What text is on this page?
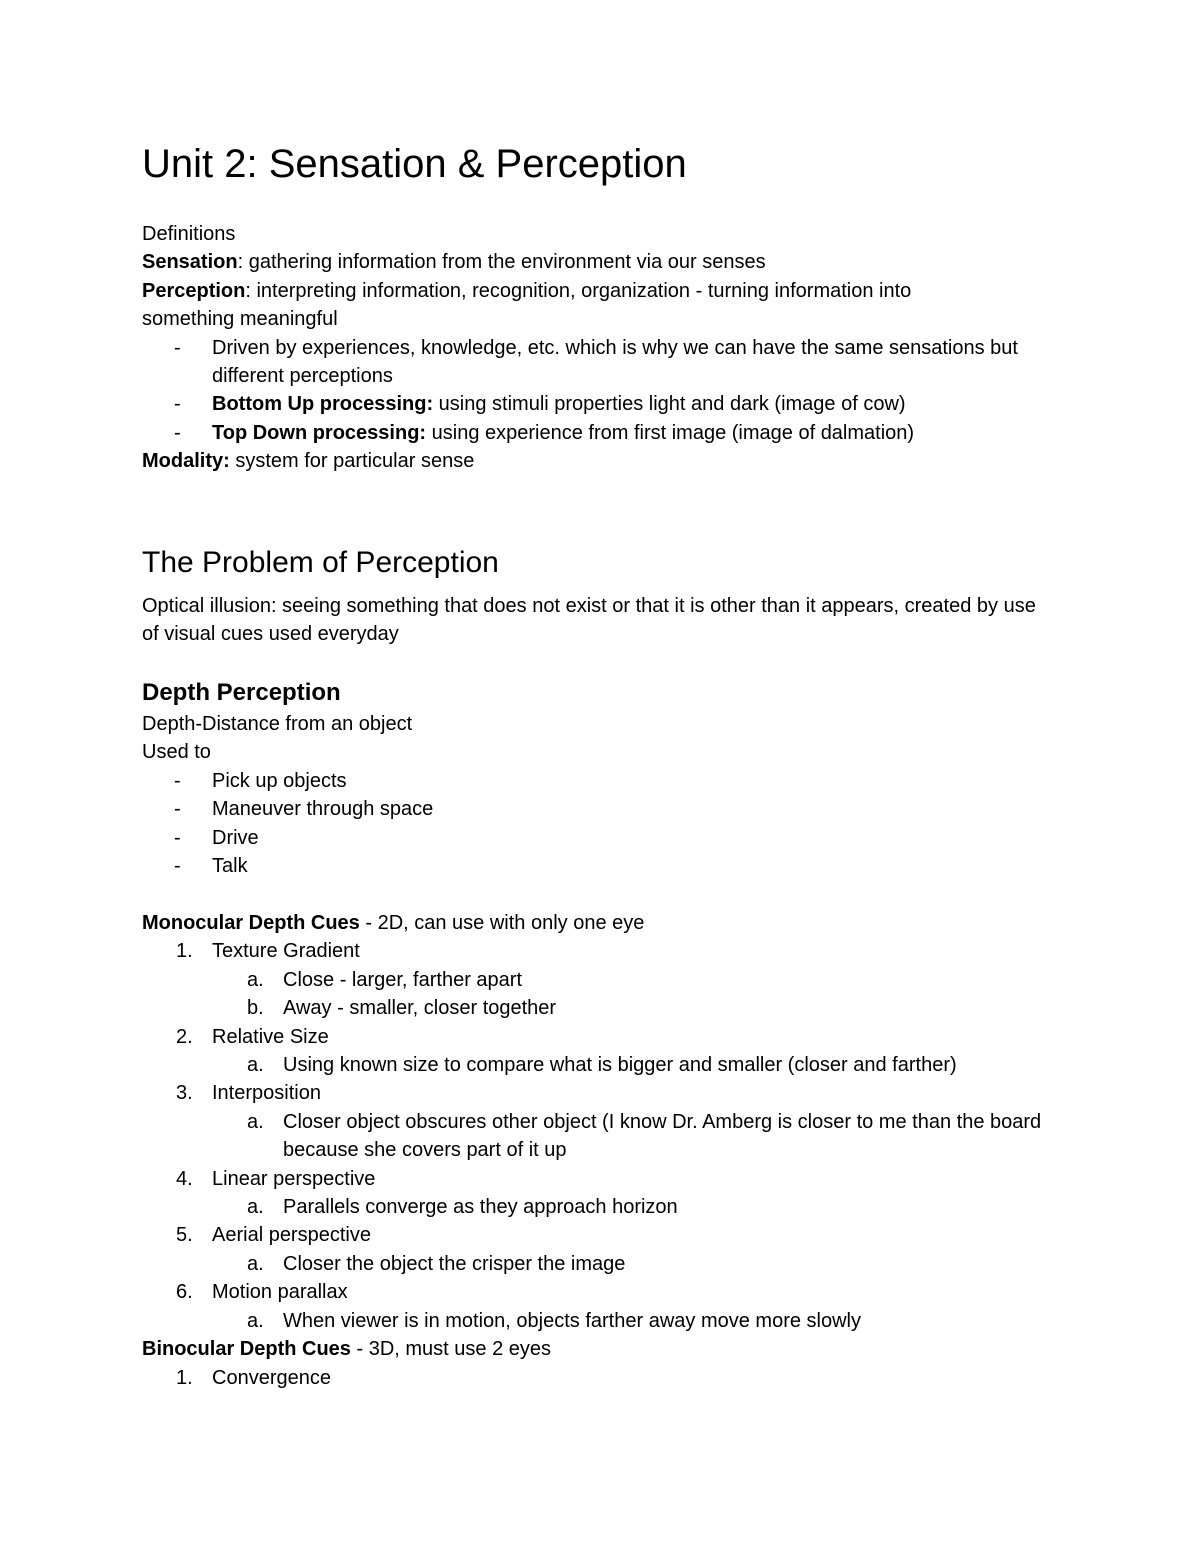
Unit 2: Sensation & Perception
Definitions
Sensation: gathering information from the environment via our senses
Perception: interpreting information, recognition, organization - turning information into something meaningful
- Driven by experiences, knowledge, etc. which is why we can have the same sensations but different perceptions
- Bottom Up processing: using stimuli properties light and dark (image of cow)
- Top Down processing: using experience from first image (image of dalmation)
Modality: system for particular sense
The Problem of Perception
Optical illusion: seeing something that does not exist or that it is other than it appears, created by use of visual cues used everyday
Depth Perception
Depth-Distance from an object
Used to
- Pick up objects
- Maneuver through space
- Drive
- Talk
Monocular Depth Cues - 2D, can use with only one eye
1. Texture Gradient
a. Close - larger, farther apart
b. Away - smaller, closer together
2. Relative Size
a. Using known size to compare what is bigger and smaller (closer and farther)
3. Interposition
a. Closer object obscures other object (I know Dr. Amberg is closer to me than the board because she covers part of it up
4. Linear perspective
a. Parallels converge as they approach horizon
5. Aerial perspective
a. Closer the object the crisper the image
6. Motion parallax
a. When viewer is in motion, objects farther away move more slowly
Binocular Depth Cues - 3D, must use 2 eyes
1. Convergence
